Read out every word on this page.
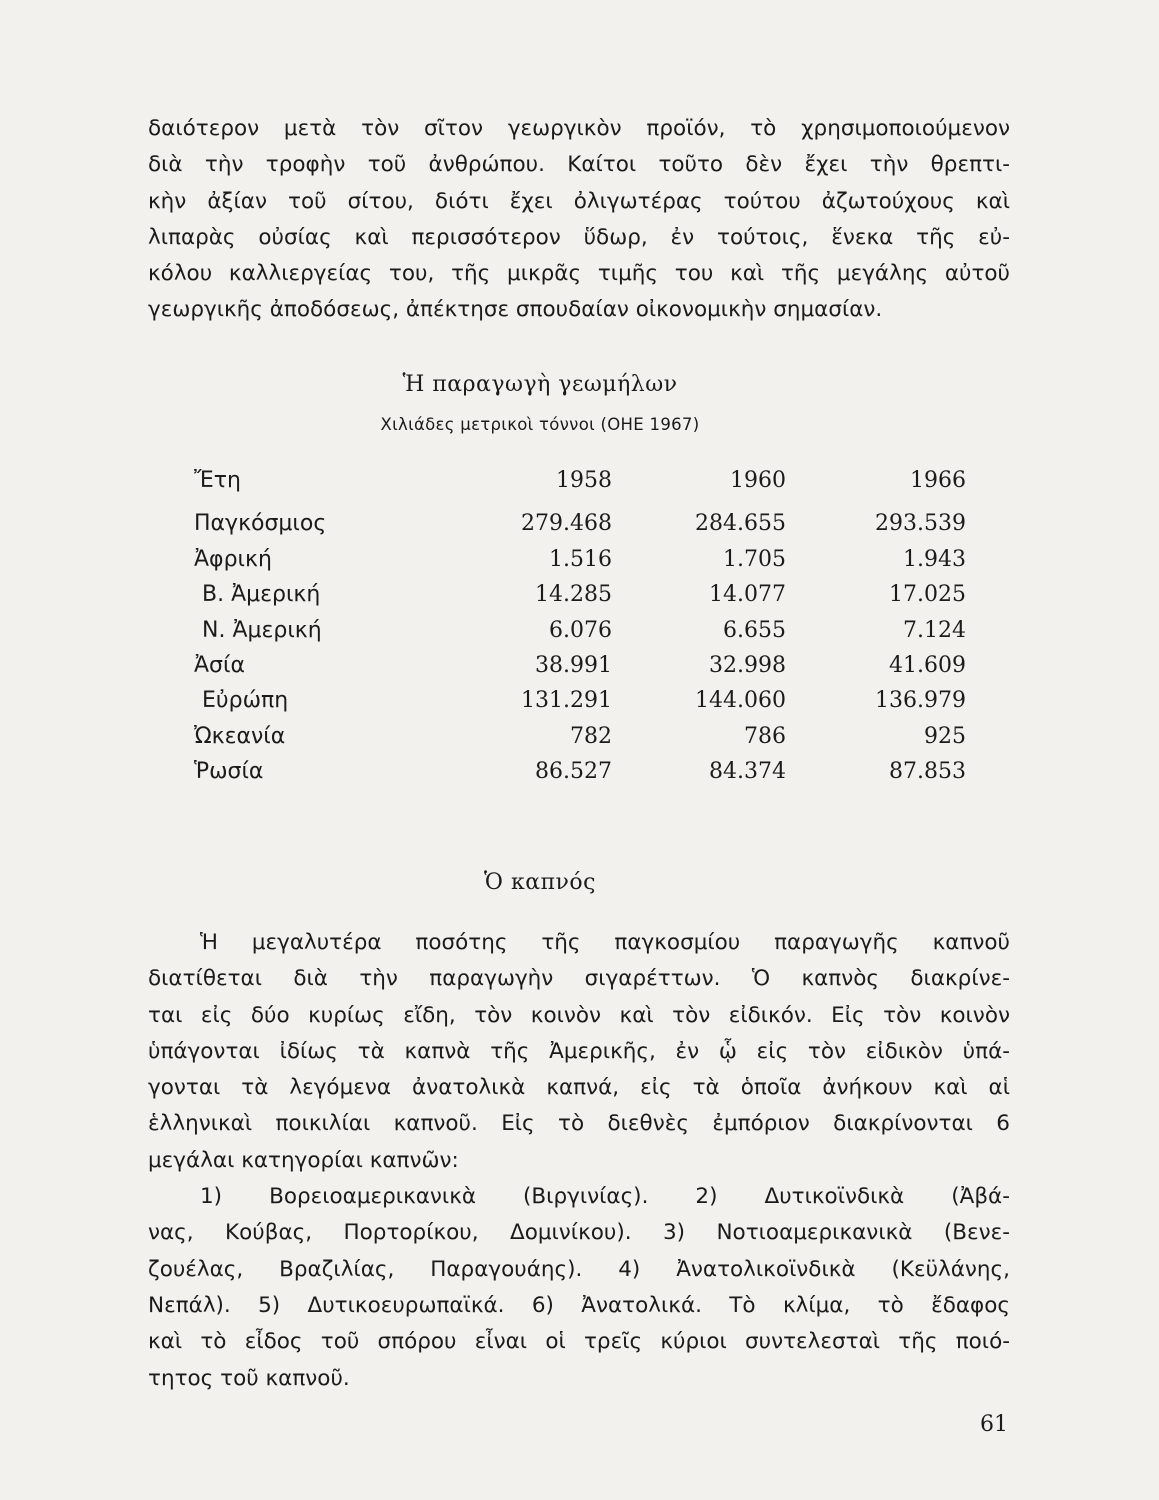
δαιότερον μετὰ τὸν σῖτον γεωργικὸν προϊόν, τὸ χρησιμοποιούμενον
διὰ τὴν τροφὴν τοῦ ἀνθρώπου. Καίτοι τοῦτο δὲν ἔχει τὴν θρεπτι-
κὴν ἀξίαν τοῦ σίτου, διότι ἔχει ὀλιγωτέρας τούτου ἀζωτούχους καὶ
λιπαρὰς οὐσίας καὶ περισσότερον ὕδωρ, ἐν τούτοις, ἕνεκα τῆς εὐ-
κόλου καλλιεργείας του, τῆς μικρᾶς τιμῆς του καὶ τῆς μεγάλης αὐτοῦ
γεωργικῆς ἀποδόσεως, ἀπέκτησε σπουδαίαν οἰκονομικὴν σημασίαν.
Ἡ παραγωγὴ γεωμήλων
Χιλιάδες μετρικοὶ τόννοι (ΟΗΕ 1967)
Ἔτη	1958	1960	1966
Παγκόσμιος	279.468	284.655	293.539
Ἀφρική	1.516	1.705	1.943
Β. Ἀμερική	14.285	14.077	17.025
Ν. Ἀμερική	6.076	6.655	7.124
Ἀσία	38.991	32.998	41.609
Εὐρώπη	131.291	144.060	136.979
Ὠκεανία	782	786	925
Ῥωσία	86.527	84.374	87.853
Ὁ καπνός
Ἡ μεγαλυτέρα ποσότης τῆς παγκοσμίου παραγωγῆς καπνοῦ
διατίθεται διὰ τὴν παραγωγὴν σιγαρέττων. Ὁ καπνὸς διακρίνε-
ται εἰς δύο κυρίως εἴδη, τὸν κοινὸν καὶ τὸν εἰδικόν. Εἰς τὸν κοινὸν
ὑπάγονται ἰδίως τὰ καπνὰ τῆς Ἀμερικῆς, ἐν ᾧ εἰς τὸν εἰδικὸν ὑπά-
γονται τὰ λεγόμενα ἀνατολικὰ καπνά, εἰς τὰ ὁποῖα ἀνήκουν καὶ αἱ
ἑλληνικαὶ ποικιλίαι καπνοῦ. Εἰς τὸ διεθνὲς ἐμπόριον διακρίνονται 6
μεγάλαι κατηγορίαι καπνῶν:
1) Βορειοαμερικανικὰ (Βιργινίας). 2) Δυτικοϊνδικὰ (Ἀβά-
νας, Κούβας, Πορτορίκου, Δομινίκου). 3) Νοτιοαμερικανικὰ (Βενε-
ζουέλας, Βραζιλίας, Παραγουάης). 4) Ἀνατολικοϊνδικὰ (Κεϋλάνης,
Νεπάλ). 5) Δυτικοευρωπαϊκά. 6) Ἀνατολικά. Τὸ κλίμα, τὸ ἔδαφος
καὶ τὸ εἶδος τοῦ σπόρου εἶναι οἱ τρεῖς κύριοι συντελεσταὶ τῆς ποιό-
τητος τοῦ καπνοῦ.
61
